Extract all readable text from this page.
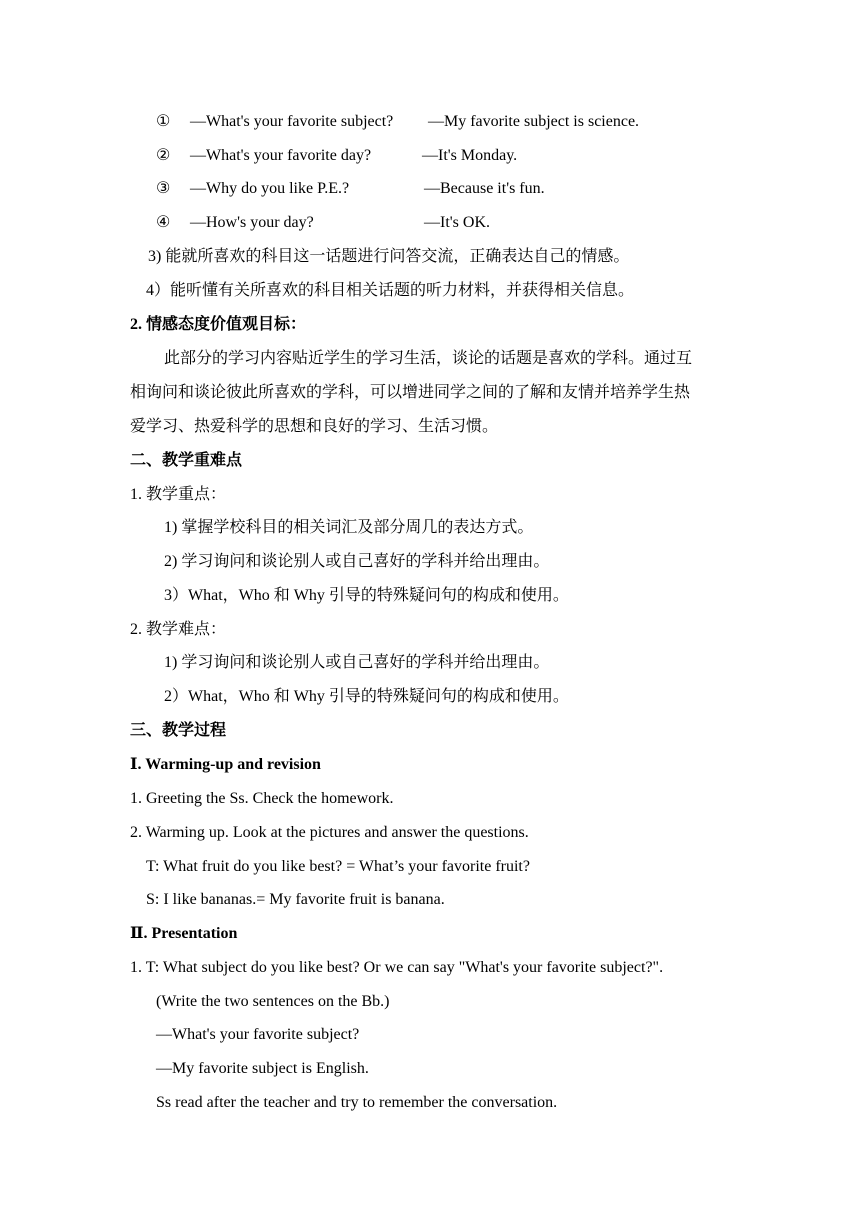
① —What's your favorite subject? —My favorite subject is science.
② —What's your favorite day?	—It's Monday.
③ —Why do you like P.E.?	—Because it's fun.
④ —How's your day?	—It's OK.
3) 能就所喜欢的科目这一话题进行问答交流，正确表达自己的情感。
4）能听懂有关所喜欢的科目相关话题的听力材料，并获得相关信息。
2. 情感态度价值观目标：
此部分的学习内容贴近学生的学习生活，谈论的话题是喜欢的学科。通过互
相询问和谈论彼此所喜欢的学科，可以增进同学之间的了解和友情并培养学生热
爱学习、热爱科学的思想和良好的学习、生活习惯。
二、教学重难点
1. 教学重点：
1) 掌握学校科目的相关词汇及部分周几的表达方式。
2) 学习询问和谈论别人或自己喜好的学科并给出理由。
3）What，Who 和 Why 引导的特殊疑问句的构成和使用。
2. 教学难点：
1) 学习询问和谈论别人或自己喜好的学科并给出理由。
2）What，Who 和 Why 引导的特殊疑问句的构成和使用。
三、教学过程
Ⅰ. Warming-up and revision
1. Greeting the Ss. Check the homework.
2. Warming up. Look at the pictures and answer the questions.
T: What fruit do you like best? = What’s your favorite fruit?
S: I like bananas.= My favorite fruit is banana.
Ⅱ. Presentation
1. T: What subject do you like best? Or we can say "What's your favorite subject?".
(Write the two sentences on the Bb.)
—What's your favorite subject?
—My favorite subject is English.
Ss read after the teacher and try to remember the conversation.
